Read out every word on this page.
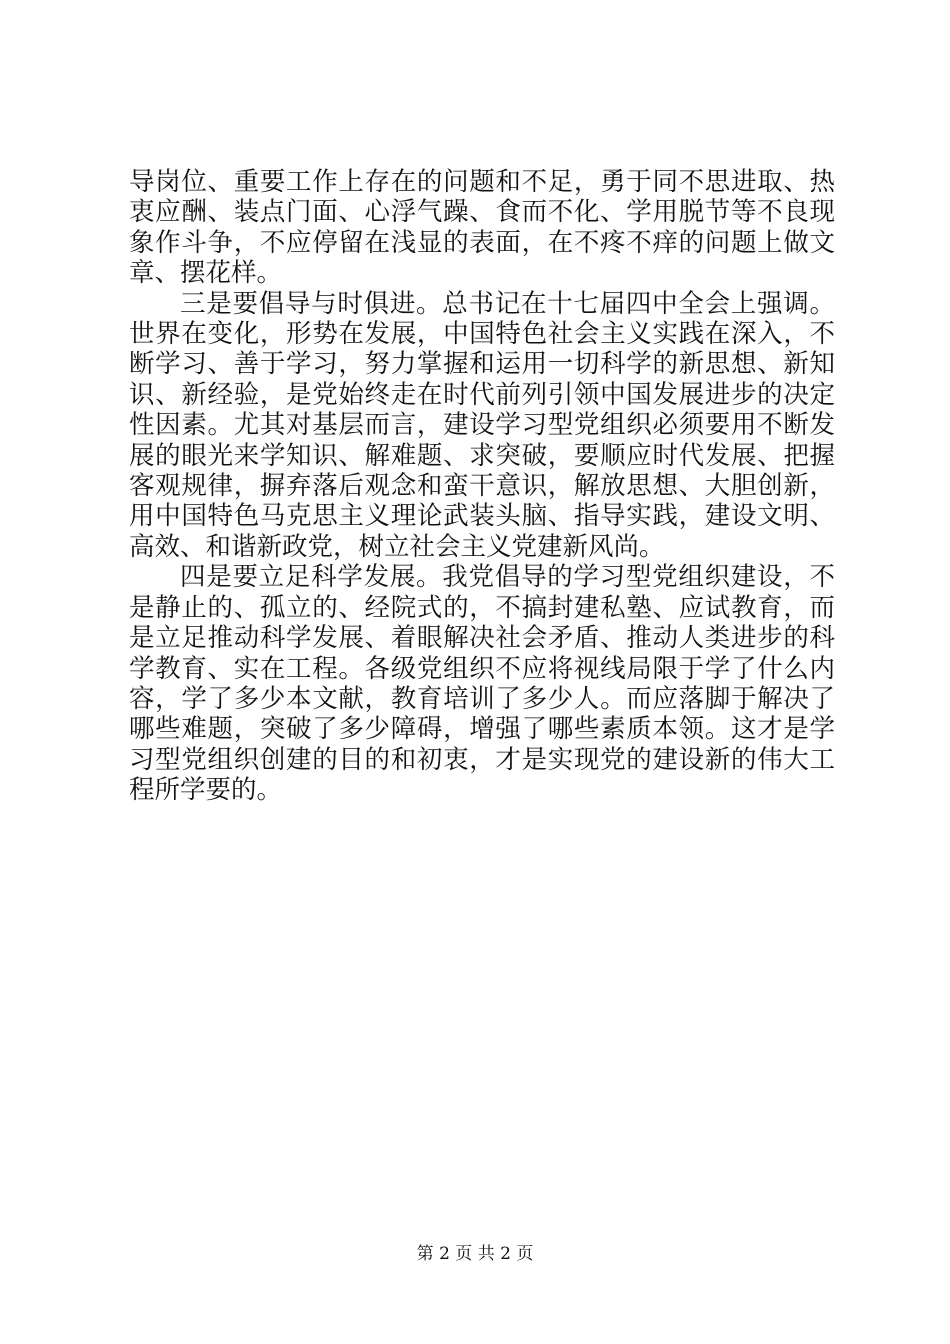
导岗位、重要工作上存在的问题和不足，勇于同不思进取、热衷应酬、装点门面、心浮气躁、食而不化、学用脱节等不良现象作斗争，不应停留在浅显的表面，在不疼不痒的问题上做文章、摆花样。

三是要倡导与时俱进。总书记在十七届四中全会上强调。世界在变化，形势在发展，中国特色社会主义实践在深入，不断学习、善于学习，努力掌握和运用一切科学的新思想、新知识、新经验，是党始终走在时代前列引领中国发展进步的决定性因素。尤其对基层而言，建设学习型党组织必须要用不断发展的眼光来学知识、解难题、求突破，要顺应时代发展、把握客观规律，摒弃落后观念和蛮干意识，解放思想、大胆创新，用中国特色马克思主义理论武装头脑、指导实践，建设文明、高效、和谐新政党，树立社会主义党建新风尚。

四是要立足科学发展。我党倡导的学习型党组织建设，不是静止的、孤立的、经院式的，不搞封建私塾、应试教育，而是立足推动科学发展、着眼解决社会矛盾、推动人类进步的科学教育、实在工程。各级党组织不应将视线局限于学了什么内容，学了多少本文献，教育培训了多少人。而应落脚于解决了哪些难题，突破了多少障碍，增强了哪些素质本领。这才是学习型党组织创建的目的和初衷，才是实现党的建设新的伟大工程所学要的。

第 2 页 共 2 页
